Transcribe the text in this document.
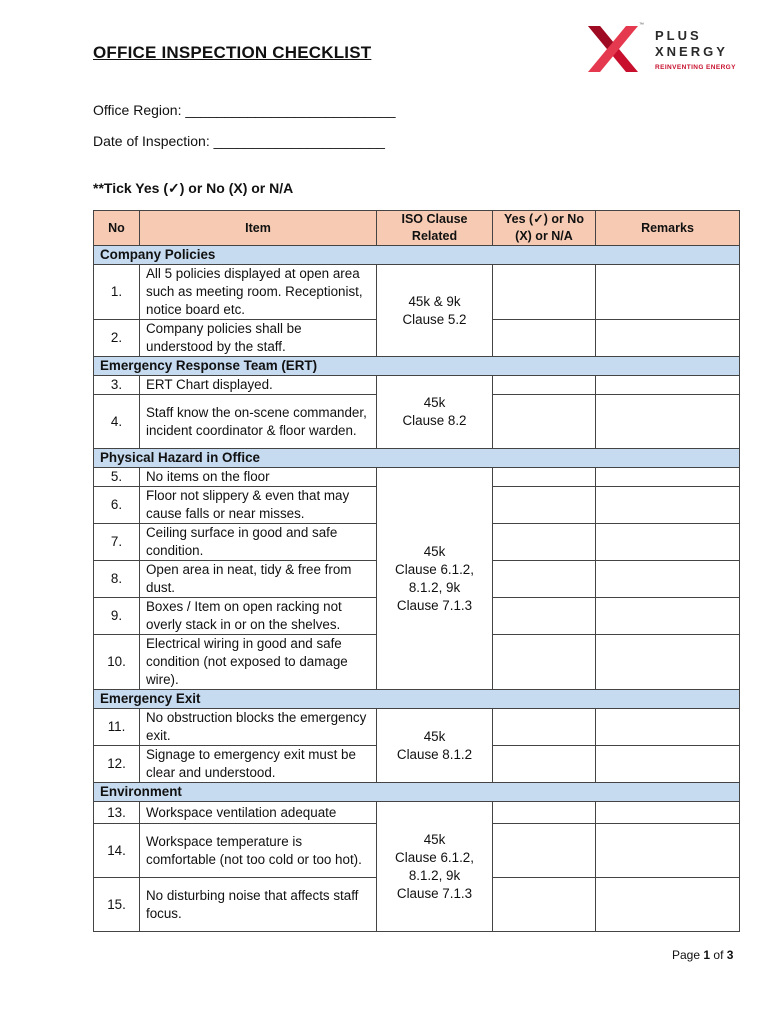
OFFICE INSPECTION CHECKLIST
™
PLUS
XNERGY
REINVENTING ENERGY
Office Region: ___________________________
Date of Inspection: ______________________
**Tick Yes (✓) or No (X) or N/A
No	Item	ISO Clause Related	Yes (✓) or No (X) or N/A	Remarks
Company Policies				
1.	All 5 policies displayed at open area such as meeting room. Receptionist, notice board etc.	45k & 9k
Clause 5.2		
2.	Company policies shall be understood by the staff.			
Emergency Response Team (ERT)				
3.	ERT Chart displayed.	45k
Clause 8.2		
4.	Staff know the on-scene commander, incident coordinator & floor warden.			
Physical Hazard in Office				
5.	No items on the floor	45k
Clause 6.1.2,
8.1.2, 9k
Clause 7.1.3		
6.	Floor not slippery & even that may cause falls or near misses.			
7.	Ceiling surface in good and safe condition.			
8.	Open area in neat, tidy & free from dust.			
9.	Boxes / Item on open racking not overly stack in or on the shelves.			
10.	Electrical wiring in good and safe condition (not exposed to damage wire).			
Emergency Exit				
11.	No obstruction blocks the emergency exit.	45k
Clause 8.1.2		
12.	Signage to emergency exit must be clear and understood.			
Environment				
13.	Workspace ventilation adequate	45k
Clause 6.1.2,
8.1.2, 9k
Clause 7.1.3		
14.	Workspace temperature is comfortable (not too cold or too hot).			
15.	No disturbing noise that affects staff focus.			
Page 1 of 3
